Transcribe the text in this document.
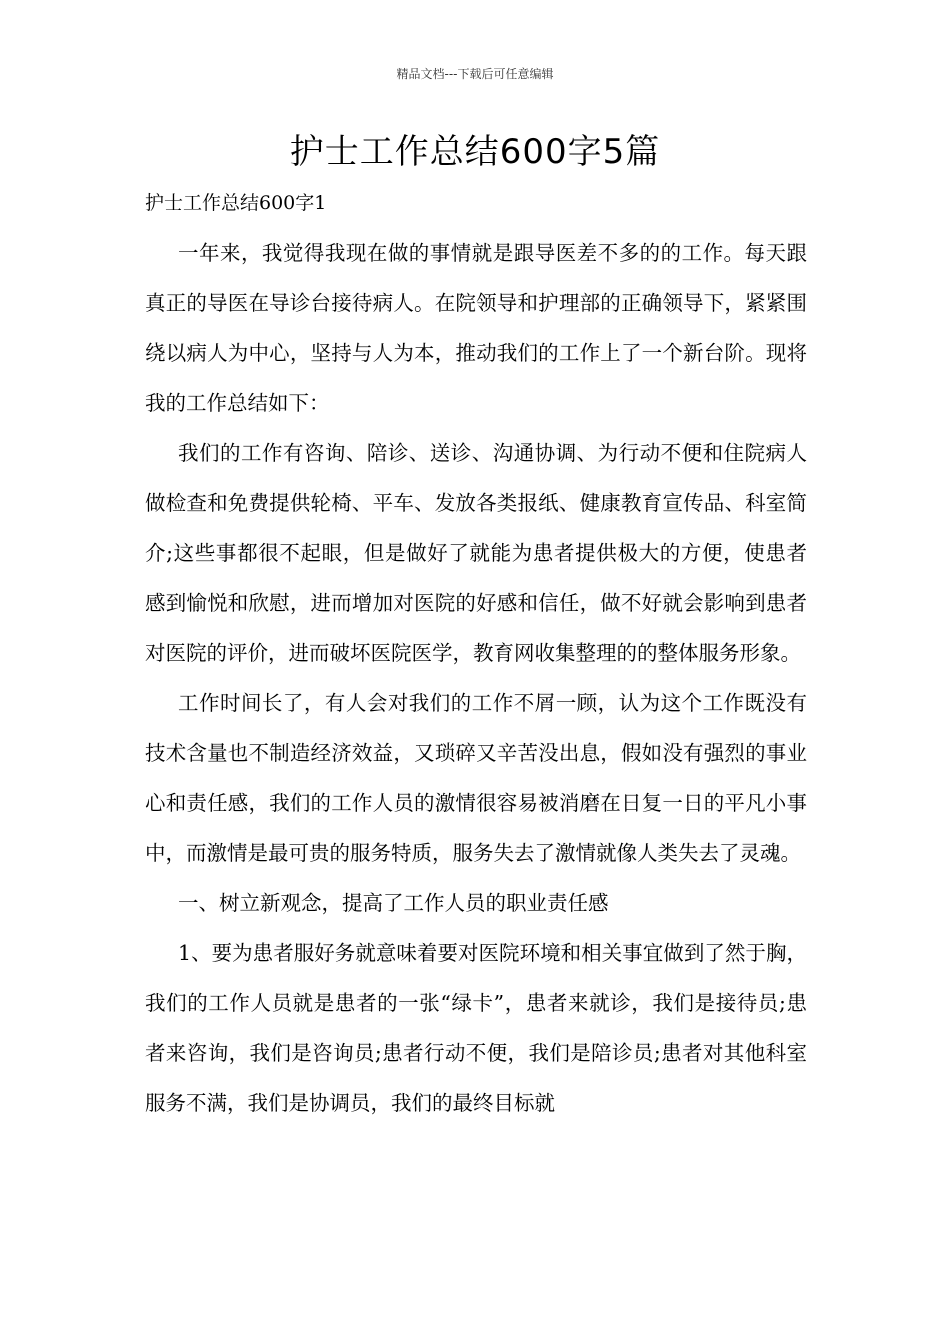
精品文档---下载后可任意编辑
护士工作总结600字5篇

护士工作总结600字1

一年来，我觉得我现在做的事情就是跟导医差不多的的工作。每天跟真正的导医在导诊台接待病人。在院领导和护理部的正确领导下，紧紧围绕以病人为中心，坚持与人为本，推动我们的工作上了一个新台阶。现将我的工作总结如下：

我们的工作有咨询、陪诊、送诊、沟通协调、为行动不便和住院病人做检查和免费提供轮椅、平车、发放各类报纸、健康教育宣传品、科室简介;这些事都很不起眼，但是做好了就能为患者提供极大的方便，使患者感到愉悦和欣慰，进而增加对医院的好感和信任，做不好就会影响到患者对医院的评价，进而破坏医院医学，教育网收集整理的的整体服务形象。

工作时间长了，有人会对我们的工作不屑一顾，认为这个工作既没有技术含量也不制造经济效益，又琐碎又辛苦没出息，假如没有强烈的事业心和责任感，我们的工作人员的激情很容易被消磨在日复一日的平凡小事中，而激情是最可贵的服务特质，服务失去了激情就像人类失去了灵魂。

一、树立新观念，提高了工作人员的职业责任感

1、要为患者服好务就意味着要对医院环境和相关事宜做到了然于胸，我们的工作人员就是患者的一张“绿卡”，患者来就诊，我们是接待员;患者来咨询，我们是咨询员;患者行动不便，我们是陪诊员;患者对其他科室服务不满，我们是协调员，我们的最终目标就
